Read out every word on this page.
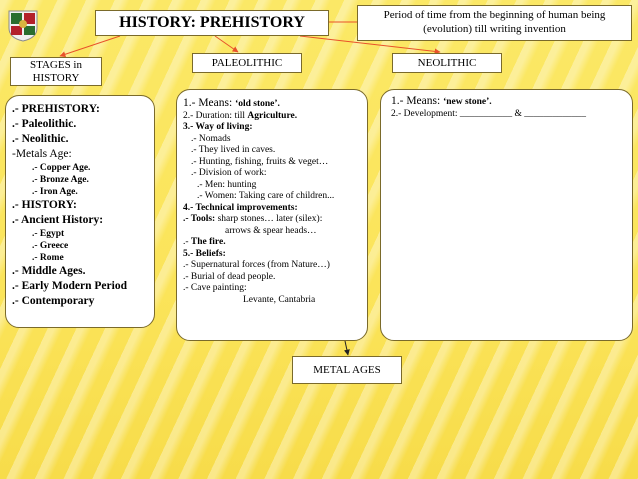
HISTORY: PREHISTORY	Period of time from the beginning of human being (evolution) till writing invention
STAGES in HISTORY
PALEOLITHIC	NEOLITHIC
.- PREHISTORY:
.- Paleolithic.
.- Neolithic.
-Metals Age:
.- Copper Age.
.- Bronze Age.
.- Iron Age.
.- HISTORY:
.- Ancient History:
.- Egypt
.- Greece
.- Rome
.- Middle Ages.
.- Early Modern Period
.- Contemporary
1.- Means: ‘old stone’.
2.- Duration: till Agriculture.
3.- Way of living:
.- Nomads
.- They lived in caves.
.- Hunting, fishing, fruits & veget…
.- Division of work:
.- Men: hunting
.- Women: Taking care of children...
4.- Technical improvements:
.- Tools: sharp stones… later (silex):
arrows & spear heads…
.- The fire.
5.- Beliefs:
.- Supernatural forces (from Nature…)
.- Burial of dead people.
.- Cave painting:
Levante, Cantabria
1.- Means: ‘new stone’.
2.- Development: ___________ & _____________
METAL AGES
